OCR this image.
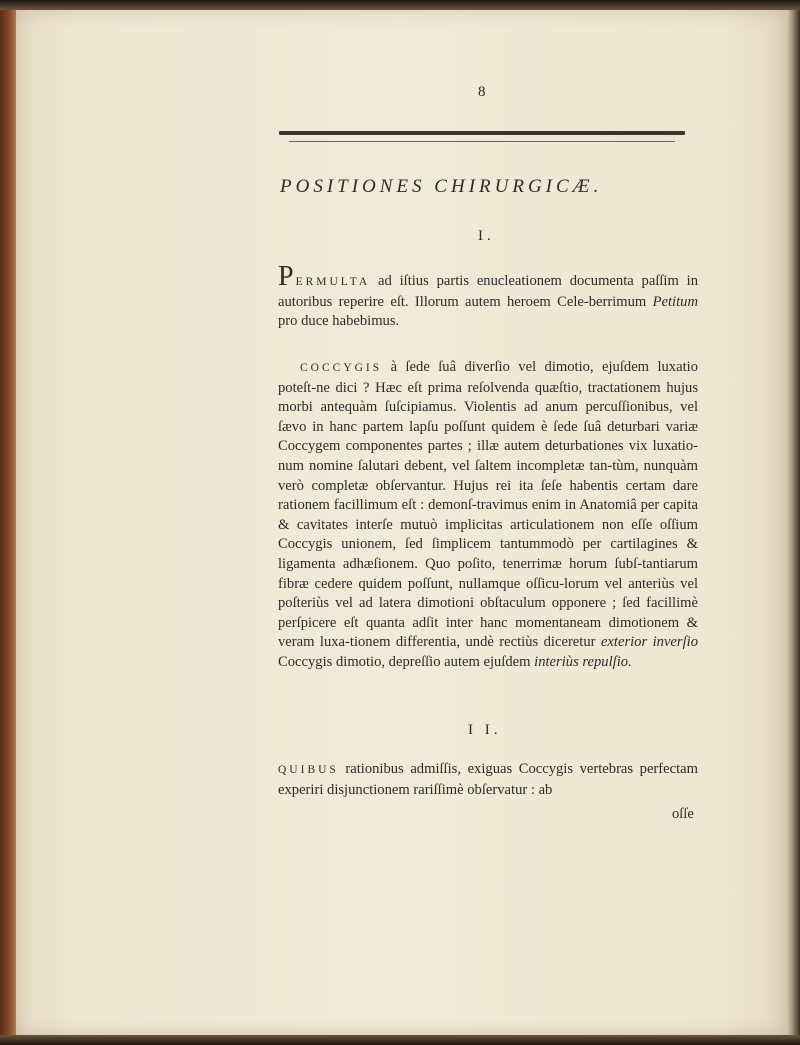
8
POSITIONES CHIRURGICÆ.
I.

PERMULTA ad iſtius partis enucleationem documenta paſſim in autoribus reperire eſt. Illorum autem heroem Cele-berrimum Petitum pro duce habebimus.

COCCYGIS à ſede ſuâ diverſio vel dimotio, ejuſdem luxatio poteſt-ne dici ? Hæc eſt prima reſolvenda quæſtio, tractationem hujus morbi antequàm ſuſcipiamus. Violentis ad anum percuſſionibus, vel ſævo in hanc partem lapſu poſſunt quidem è ſede ſuâ deturbari variæ Coccygem componentes partes ; illæ autem deturbationes vix luxatio-num nomine ſalutari debent, vel ſaltem incompletæ tan-tùm, nunquàm verò completæ obſervantur. Hujus rei ita ſeſe habentis certam dare rationem facillimum eſt : demonſ-travimus enim in Anatomiâ per capita & cavitates interſe mutuò implicitas articulationem non eſſe oſſium Coccygis unionem, ſed ſimplicem tantummodò per cartilagines & ligamenta adhæſionem. Quo poſito, tenerrimæ horum ſubſ-tantiarum fibræ cedere quidem poſſunt, nullamque oſſicu-lorum vel anteriùs vel poſteriùs vel ad latera dimotioni obſtaculum opponere ; ſed facillimè perſpicere eſt quanta adſit inter hanc momentaneam dimotionem & veram luxa-tionem differentia, undè rectiùs diceretur exterior inverſio Coccygis dimotio, depreſſio autem ejuſdem interiùs repulſio.

I I.

QUIBUS rationibus admiſſis, exiguas Coccygis vertebras perfectam experiri disjunctionem rariſſimè obſervatur : ab

oſſe
